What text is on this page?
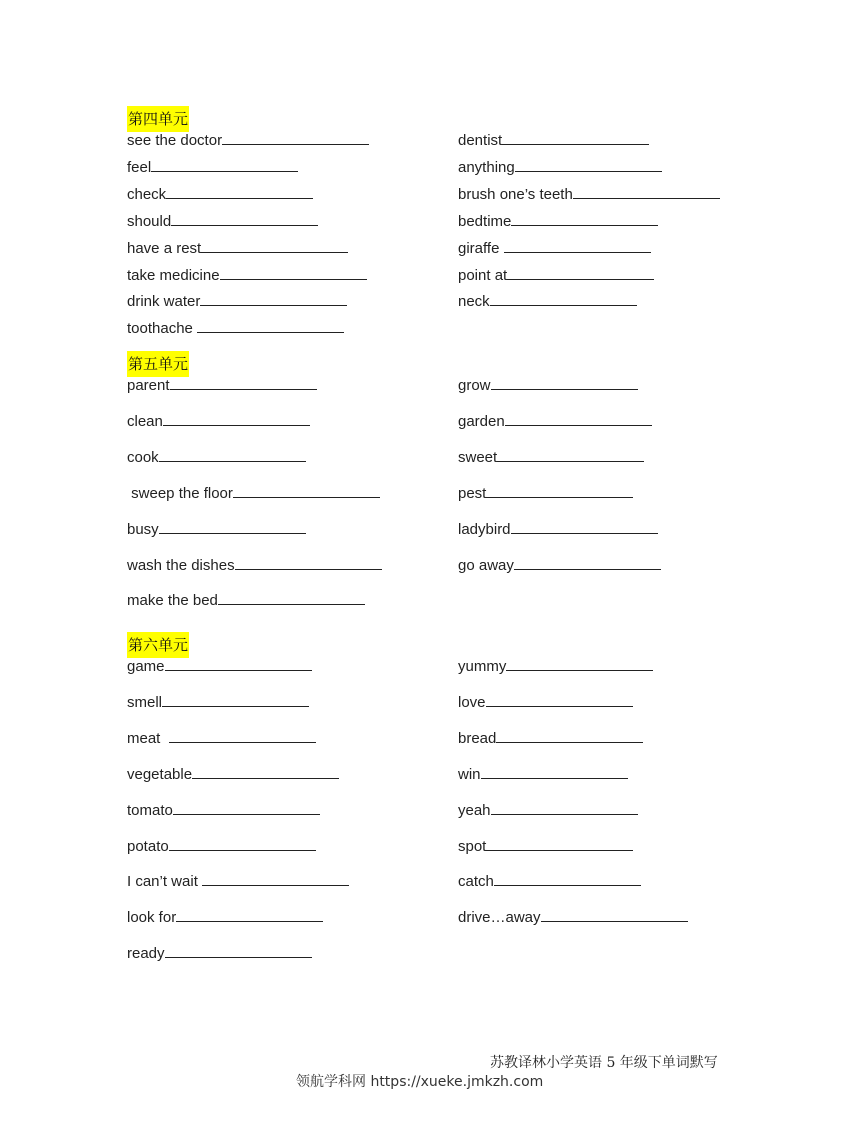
第四单元
第五单元
第六单元
see the doctor
feel
check
should
have a rest
take medicine
drink water
toothache
dentist
anything
brush one’s teeth
bedtime
giraffe
point at
neck
parent
clean
cook
sweep the floor
busy
wash the dishes
make the bed
grow
garden
sweet
pest
ladybird
go away
game
smell
meat
vegetable
tomato
potato
I can’t wait
look for
ready
yummy
love
bread
win
yeah
spot
catch
drive…away
苏教译林小学英语 5 年级下单词默写
领航学科网 https://xueke.jmkzh.com
